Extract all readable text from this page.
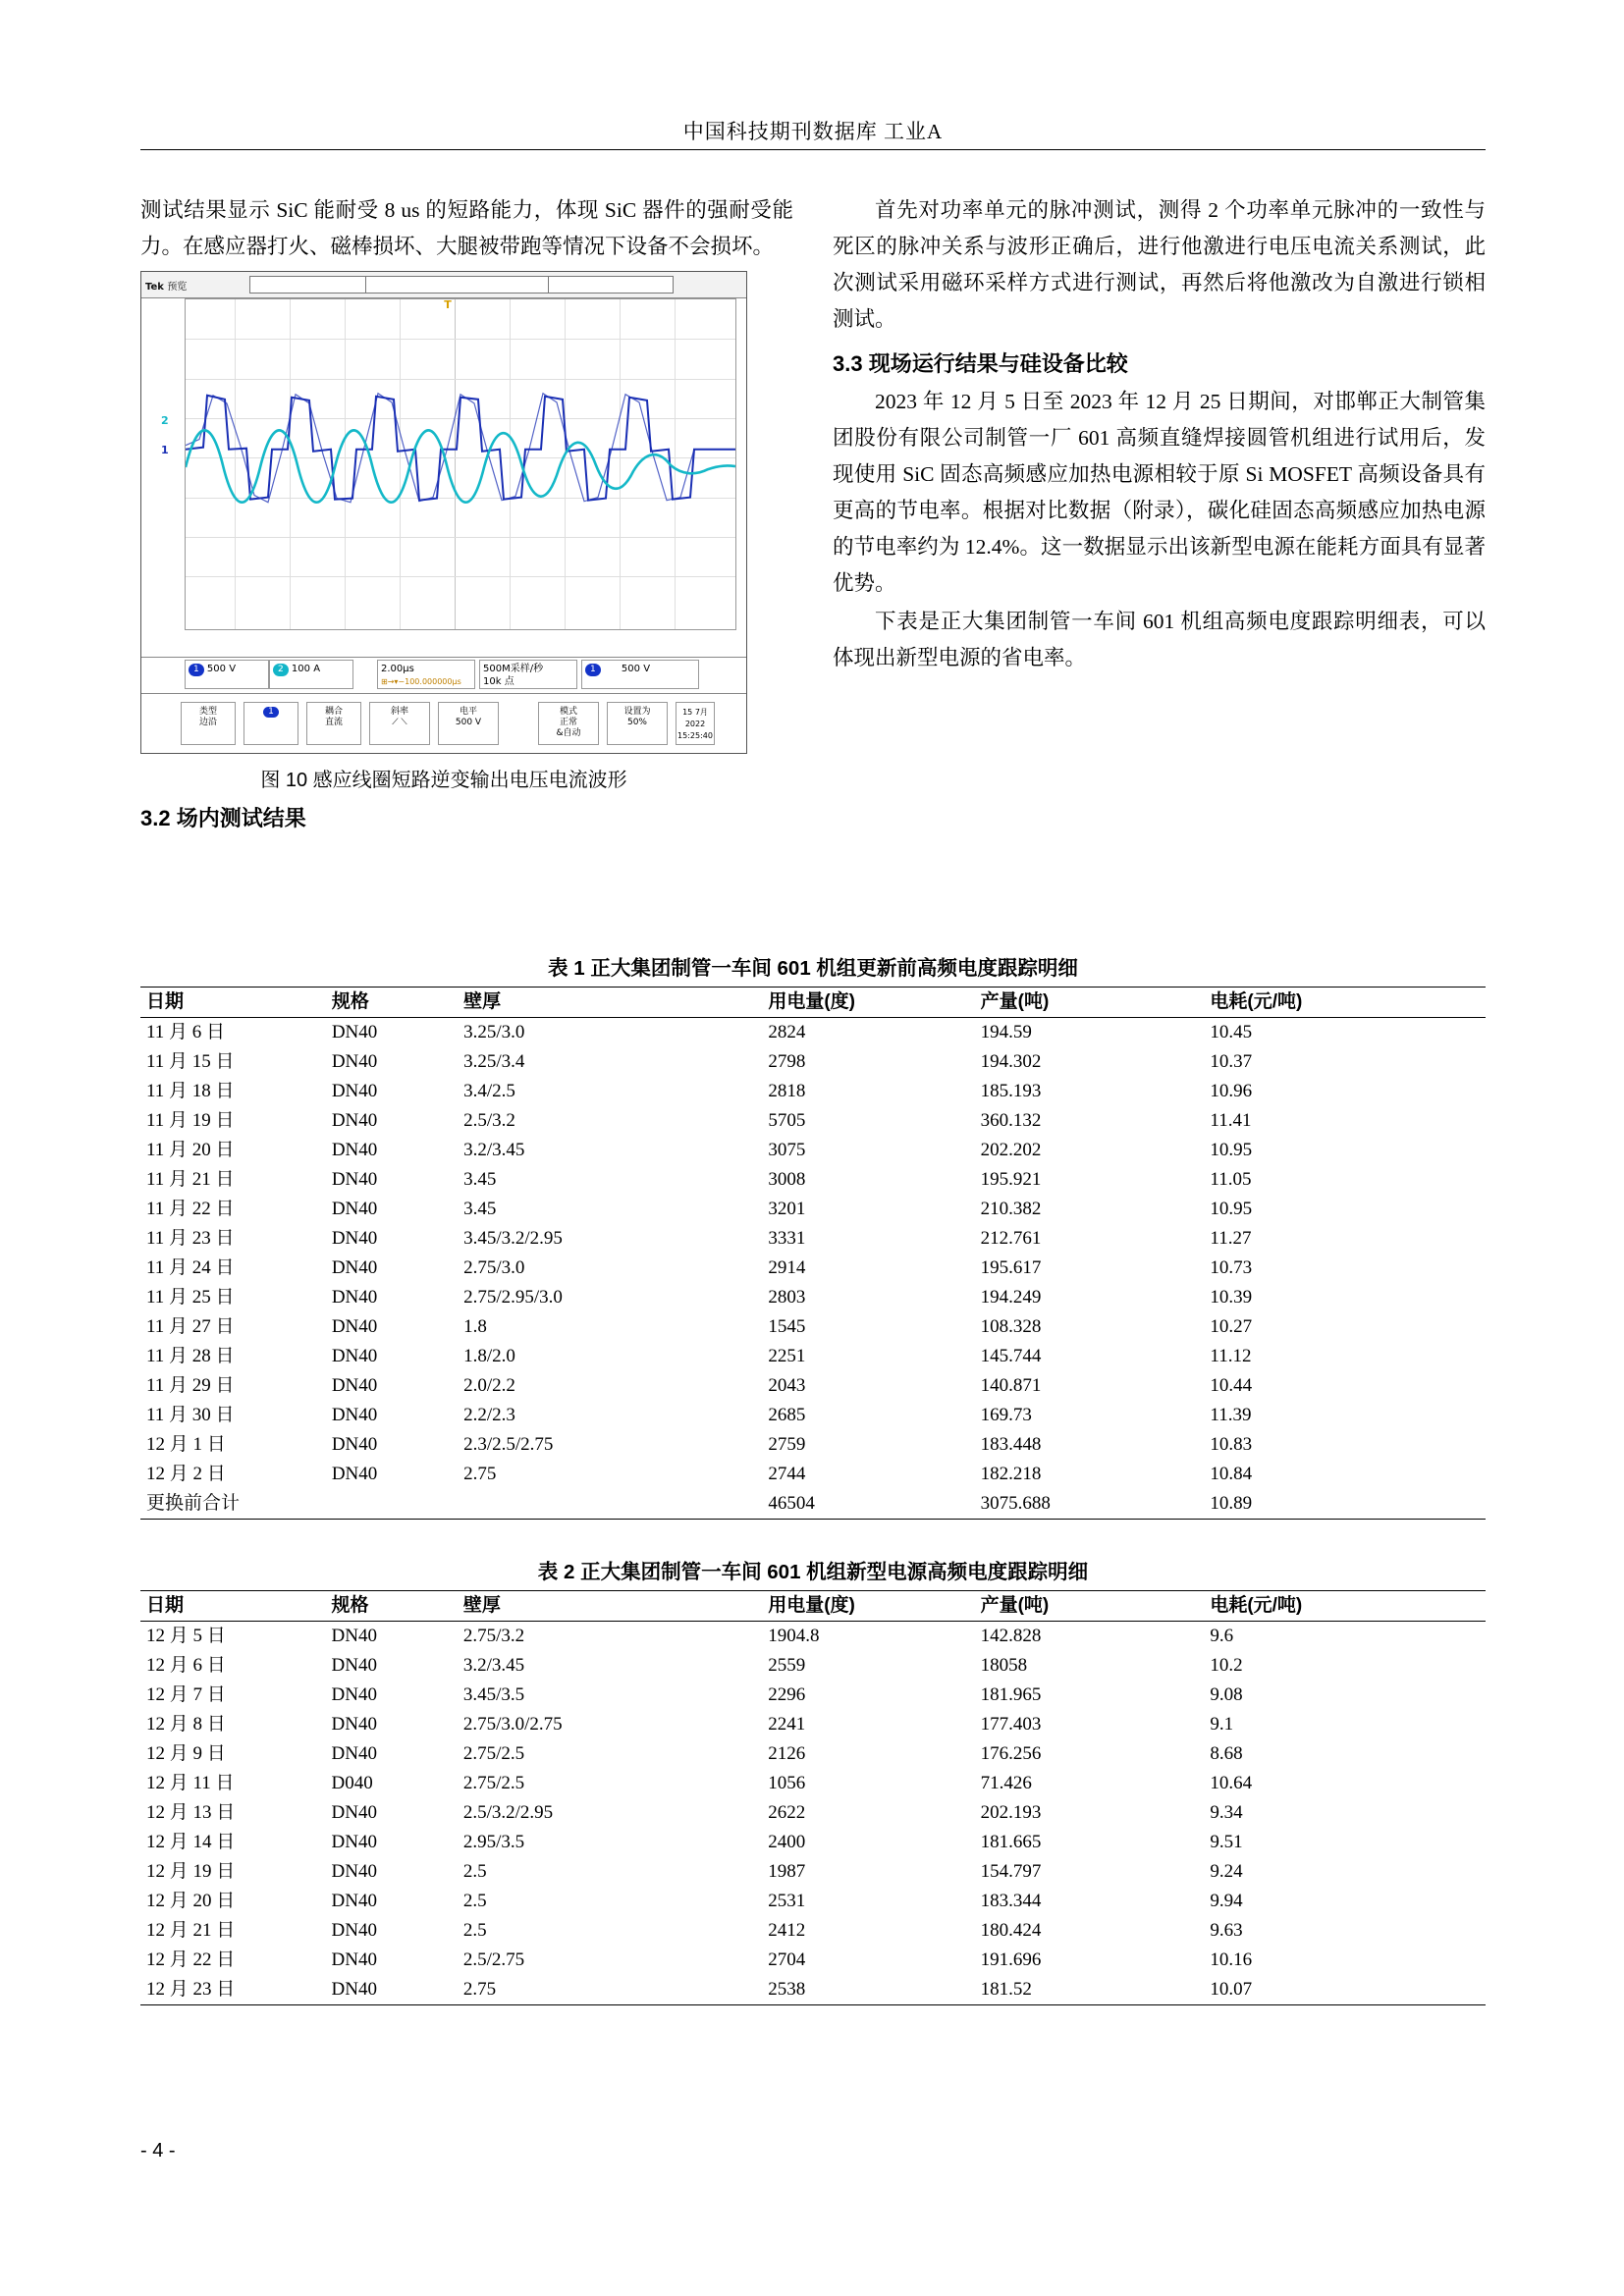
中国科技期刊数据库 工业A

测试结果显示 SiC 能耐受 8 us 的短路能力，体现 SiC 器件的强耐受能力。在感应器打火、磁棒损坏、大腿被带跑等情况下设备不会损坏。

Tek 预览
T
2
1
1 500 V	2 100 A	2.00μs
⊞→▾−100.000000μs
500M采样/秒
10k 点
1	500 V
类型
边沿
1	耦合
直流
斜率
⟋ ⟍
电平
500 V
模式
正常
&自动
设置为
50%
15 7月 2022
15:25:40
图 10 感应线圈短路逆变输出电压电流波形
3.2 场内测试结果

首先对功率单元的脉冲测试，测得 2 个功率单元脉冲的一致性与死区的脉冲关系与波形正确后，进行他激进行电压电流关系测试，此次测试采用磁环采样方式进行测试，再然后将他激改为自激进行锁相测试。

3.3 现场运行结果与硅设备比较

2023 年 12 月 5 日至 2023 年 12 月 25 日期间，对邯郸正大制管集团股份有限公司制管一厂 601 高频直缝焊接圆管机组进行试用后，发现使用 SiC 固态高频感应加热电源相较于原 Si MOSFET 高频设备具有更高的节电率。根据对比数据（附录），碳化硅固态高频感应加热电源的节电率约为 12.4%。这一数据显示出该新型电源在能耗方面具有显著优势。

下表是正大集团制管一车间 601 机组高频电度跟踪明细表，可以体现出新型电源的省电率。

表 1 正大集团制管一车间 601 机组更新前高频电度跟踪明细
日期	规格	壁厚	用电量(度)	产量(吨)	电耗(元/吨)
11 月 6 日	DN40	3.25/3.0	2824	194.59	10.45
11 月 15 日	DN40	3.25/3.4	2798	194.302	10.37
11 月 18 日	DN40	3.4/2.5	2818	185.193	10.96
11 月 19 日	DN40	2.5/3.2	5705	360.132	11.41
11 月 20 日	DN40	3.2/3.45	3075	202.202	10.95
11 月 21 日	DN40	3.45	3008	195.921	11.05
11 月 22 日	DN40	3.45	3201	210.382	10.95
11 月 23 日	DN40	3.45/3.2/2.95	3331	212.761	11.27
11 月 24 日	DN40	2.75/3.0	2914	195.617	10.73
11 月 25 日	DN40	2.75/2.95/3.0	2803	194.249	10.39
11 月 27 日	DN40	1.8	1545	108.328	10.27
11 月 28 日	DN40	1.8/2.0	2251	145.744	11.12
11 月 29 日	DN40	2.0/2.2	2043	140.871	10.44
11 月 30 日	DN40	2.2/2.3	2685	169.73	11.39
12 月 1 日	DN40	2.3/2.5/2.75	2759	183.448	10.83
12 月 2 日	DN40	2.75	2744	182.218	10.84
更换前合计			46504	3075.688	10.89
表 2 正大集团制管一车间 601 机组新型电源高频电度跟踪明细
日期	规格	壁厚	用电量(度)	产量(吨)	电耗(元/吨)
12 月 5 日	DN40	2.75/3.2	1904.8	142.828	9.6
12 月 6 日	DN40	3.2/3.45	2559	18058	10.2
12 月 7 日	DN40	3.45/3.5	2296	181.965	9.08
12 月 8 日	DN40	2.75/3.0/2.75	2241	177.403	9.1
12 月 9 日	DN40	2.75/2.5	2126	176.256	8.68
12 月 11 日	D040	2.75/2.5	1056	71.426	10.64
12 月 13 日	DN40	2.5/3.2/2.95	2622	202.193	9.34
12 月 14 日	DN40	2.95/3.5	2400	181.665	9.51
12 月 19 日	DN40	2.5	1987	154.797	9.24
12 月 20 日	DN40	2.5	2531	183.344	9.94
12 月 21 日	DN40	2.5	2412	180.424	9.63
12 月 22 日	DN40	2.5/2.75	2704	191.696	10.16
12 月 23 日	DN40	2.75	2538	181.52	10.07
- 4 -
